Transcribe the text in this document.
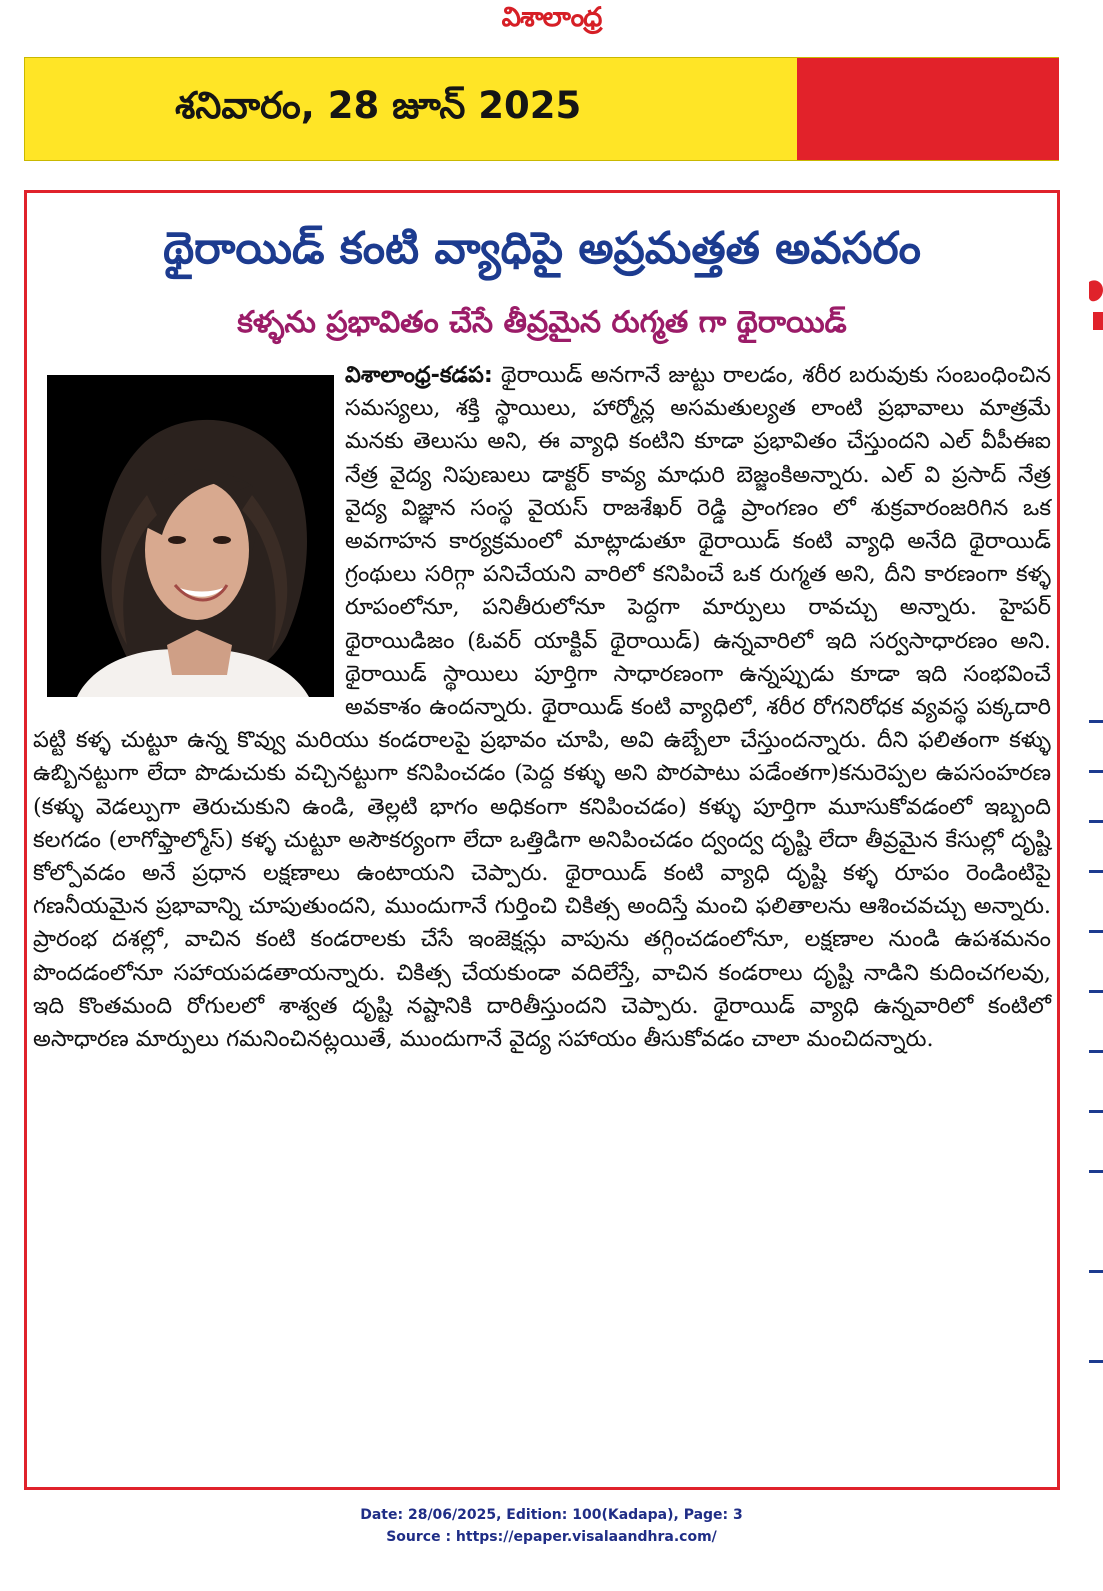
విశాలాంధ్ర
శనివారం, 28 జూన్ 2025
థైరాయిడ్ కంటి వ్యాధిపై అప్రమత్తత అవసరం
కళ్ళను ప్రభావితం చేసే తీవ్రమైన రుగ్మత గా థైరాయిడ్
విశాలాంధ్ర-కడప: థైరాయిడ్ అనగానే జుట్టు రాలడం, శరీర బరువుకు సంబంధించిన సమస్యలు, శక్తి స్థాయిలు, హార్మోన్ల అసమతుల్యత లాంటి ప్రభావాలు మాత్రమే మనకు తెలుసు అని, ఈ వ్యాధి కంటిని కూడా ప్రభావితం చేస్తుందని ఎల్ వీపీఈఐ నేత్ర వైద్య నిపుణులు డాక్టర్ కావ్య మాధురి బెజ్జంకిఅన్నారు. ఎల్ వి ప్రసాద్ నేత్ర వైద్య విజ్ఞాన సంస్థ వైయస్ రాజశేఖర్ రెడ్డి ప్రాంగణం లో శుక్రవారంజరిగిన ఒక అవగాహన కార్యక్రమంలో మాట్లాడుతూ థైరాయిడ్ కంటి వ్యాధి అనేది థైరాయిడ్ గ్రంథులు సరిగ్గా పనిచేయని వారిలో కనిపించే ఒక రుగ్మత అని, దీని కారణంగా కళ్ళ రూపంలోనూ, పనితీరులోనూ పెద్దగా మార్పులు రావచ్చు అన్నారు. హైపర్ థైరాయిడిజం (ఓవర్ యాక్టివ్ థైరాయిడ్) ఉన్నవారిలో ఇది సర్వసాధారణం అని. థైరాయిడ్ స్థాయిలు పూర్తిగా సాధారణంగా ఉన్నప్పుడు కూడా ఇది సంభవించే అవకాశం ఉందన్నారు. థైరాయిడ్ కంటి వ్యాధిలో, శరీర రోగనిరోధక వ్యవస్థ పక్కదారి పట్టి కళ్ళ చుట్టూ ఉన్న కొవ్వు మరియు కండరాలపై ప్రభావం చూపి, అవి ఉబ్బేలా చేస్తుందన్నారు. దీని ఫలితంగా కళ్ళు ఉబ్బినట్టుగా లేదా పొడుచుకు వచ్చినట్టుగా కనిపించడం (పెద్ద కళ్ళు అని పొరపాటు పడేంతగా)కనురెప్పల ఉపసంహరణ (కళ్ళు వెడల్పుగా తెరుచుకుని ఉండి, తెల్లటి భాగం అధికంగా కనిపించడం) కళ్ళు పూర్తిగా మూసుకోవడంలో ఇబ్బంది కలగడం (లాగోఫ్తాల్మోస్) కళ్ళ చుట్టూ అసౌకర్యంగా లేదా ఒత్తిడిగా అనిపించడం ద్వంద్వ దృష్టి లేదా తీవ్రమైన కేసుల్లో దృష్టి కోల్పోవడం అనే ప్రధాన లక్షణాలు ఉంటాయని చెప్పారు. థైరాయిడ్ కంటి వ్యాధి దృష్టి కళ్ళ రూపం రెండింటిపై గణనీయమైన ప్రభావాన్ని చూపుతుందని, ముందుగానే గుర్తించి చికిత్స అందిస్తే మంచి ఫలితాలను ఆశించవచ్చు అన్నారు. ప్రారంభ దశల్లో, వాచిన కంటి కండరాలకు చేసే ఇంజెక్షన్లు వాపును తగ్గించడంలోనూ, లక్షణాల నుండి ఉపశమనం పొందడంలోనూ సహాయపడతాయన్నారు. చికిత్స చేయకుండా వదిలేస్తే, వాచిన కండరాలు దృష్టి నాడిని కుదించగలవు, ఇది కొంతమంది రోగులలో శాశ్వత దృష్టి నష్టానికి దారితీస్తుందని చెప్పారు. థైరాయిడ్ వ్యాధి ఉన్నవారిలో కంటిలో అసాధారణ మార్పులు గమనించినట్లయితే, ముందుగానే వైద్య సహాయం తీసుకోవడం చాలా మంచిదన్నారు.
Date: 28/06/2025, Edition: 100(Kadapa), Page: 3
Source : https://epaper.visalaandhra.com/
